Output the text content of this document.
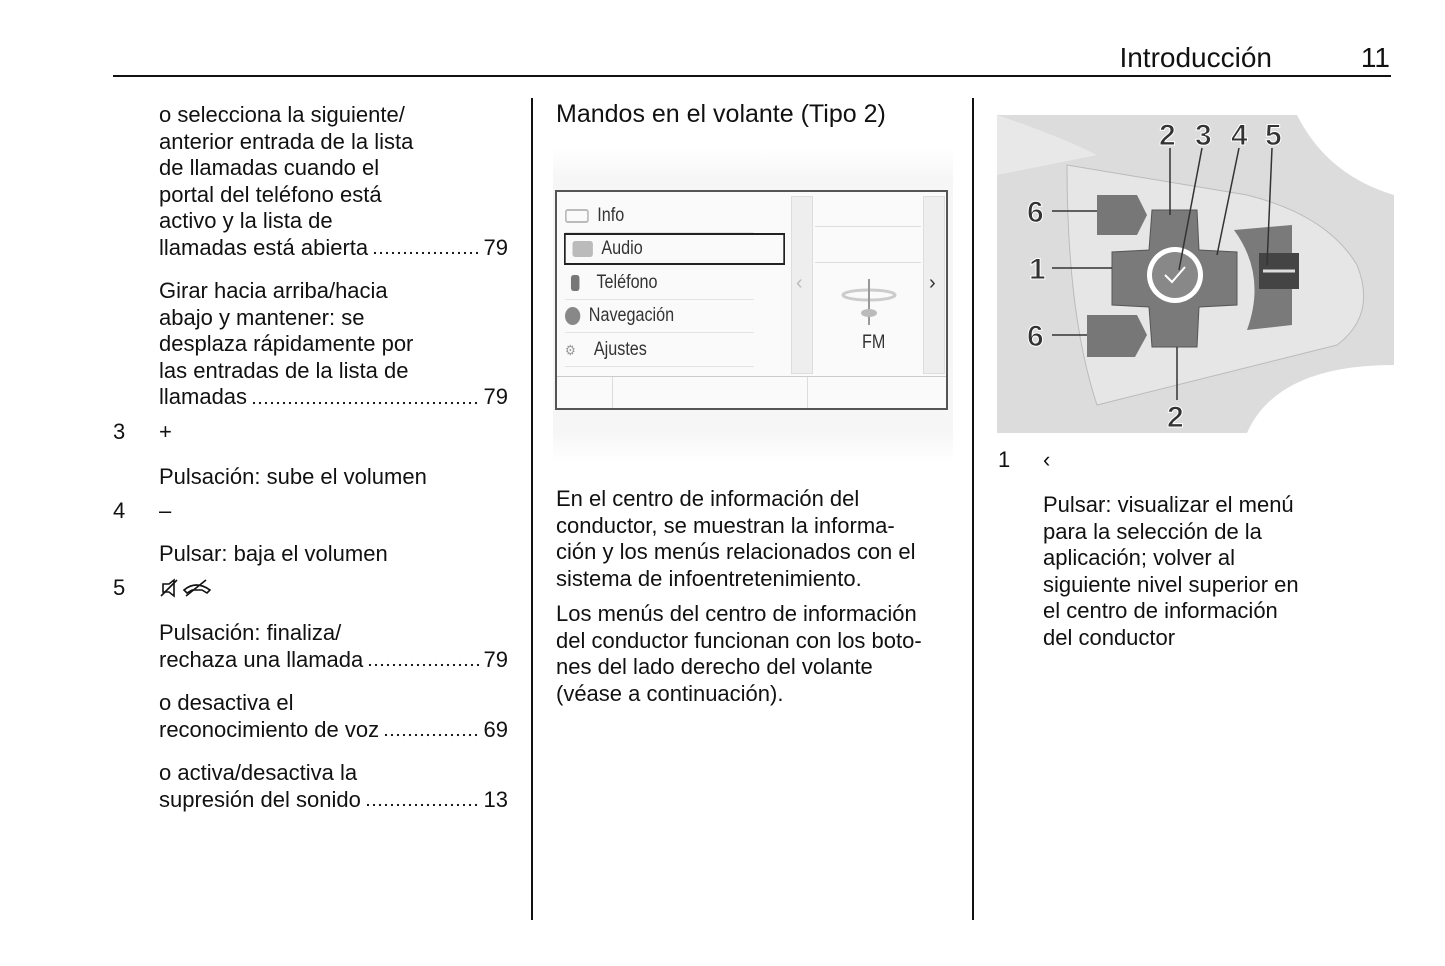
Introducción	11
o selecciona la siguiente/
anterior entrada de la lista
de llamadas cuando el
portal del teléfono está
activo y la lista de
llamadas está abierta	79
Girar hacia arriba/hacia
abajo y mantener: se
desplaza rápidamente por
las entradas de la lista de
llamadas	79
3 +
Pulsación: sube el volumen
4 –
Pulsar: baja el volumen
5
Pulsación: finaliza/
rechaza una llamada	79
o desactiva el
reconocimiento de voz	69
o activa/desactiva la
supresión del sonido	13
Mandos en el volante (Tipo 2)
Info
Audio
Teléfono
Navegación
⚙ Ajustes
‹	›
FM
En el centro de información del
conductor, se muestran la informa-
ción y los menús relacionados con el
sistema de infoentretenimiento.
Los menús del centro de información
del conductor funcionan con los boto-
nes del lado derecho del volante
(véase a continuación).
6
1
6
2 3 4 5
2
1 ‹
Pulsar: visualizar el menú
para la selección de la
aplicación; volver al
siguiente nivel superior en
el centro de información
del conductor
